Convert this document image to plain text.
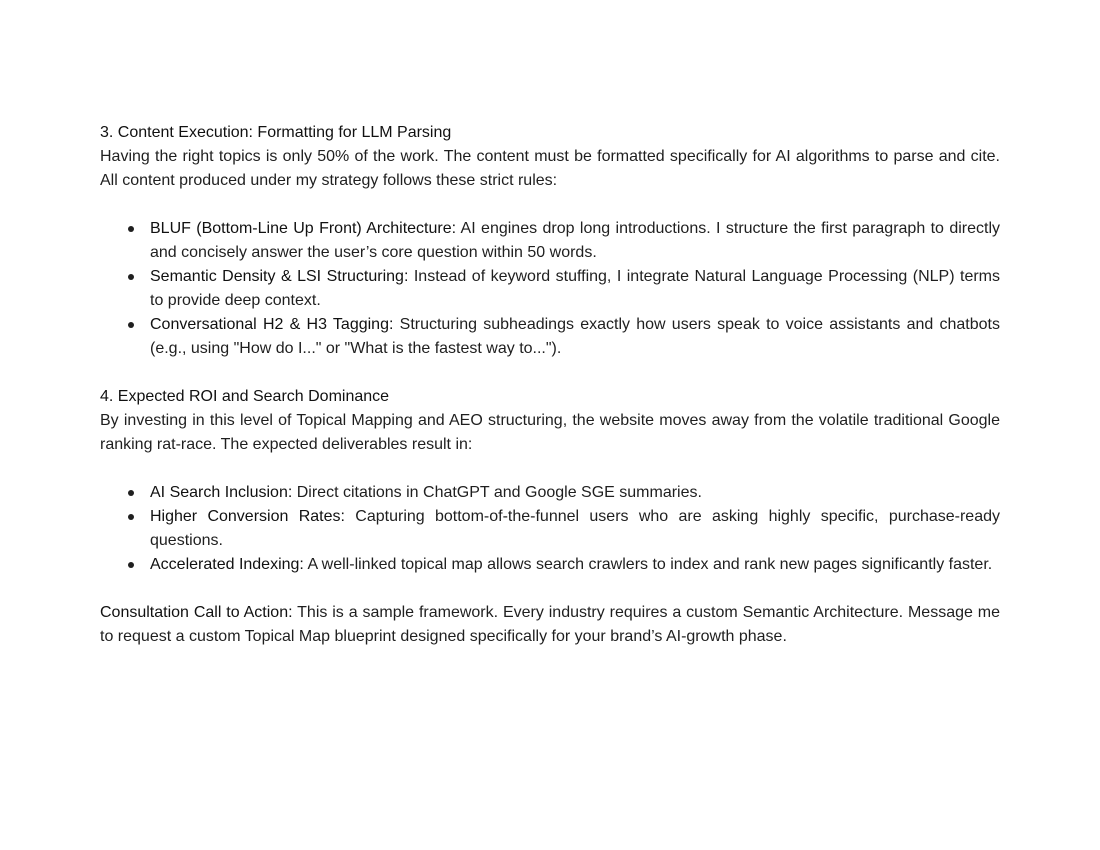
3. Content Execution: Formatting for LLM Parsing

Having the right topics is only 50% of the work. The content must be formatted specifically for AI algorithms to parse and cite. All content produced under my strategy follows these strict rules:

BLUF (Bottom-Line Up Front) Architecture: AI engines drop long introductions. I structure the first paragraph to directly and concisely answer the user’s core question within 50 words.
Semantic Density & LSI Structuring: Instead of keyword stuffing, I integrate Natural Language Processing (NLP) terms to provide deep context.
Conversational H2 & H3 Tagging: Structuring subheadings exactly how users speak to voice assistants and chatbots (e.g., using "How do I..." or "What is the fastest way to...").
4. Expected ROI and Search Dominance

By investing in this level of Topical Mapping and AEO structuring, the website moves away from the volatile traditional Google ranking rat-race. The expected deliverables result in:

AI Search Inclusion: Direct citations in ChatGPT and Google SGE summaries.
Higher Conversion Rates: Capturing bottom-of-the-funnel users who are asking highly specific, purchase-ready questions.
Accelerated Indexing: A well-linked topical map allows search crawlers to index and rank new pages significantly faster.

Consultation Call to Action: This is a sample framework. Every industry requires a custom Semantic Architecture. Message me to request a custom Topical Map blueprint designed specifically for your brand’s AI-growth phase.
